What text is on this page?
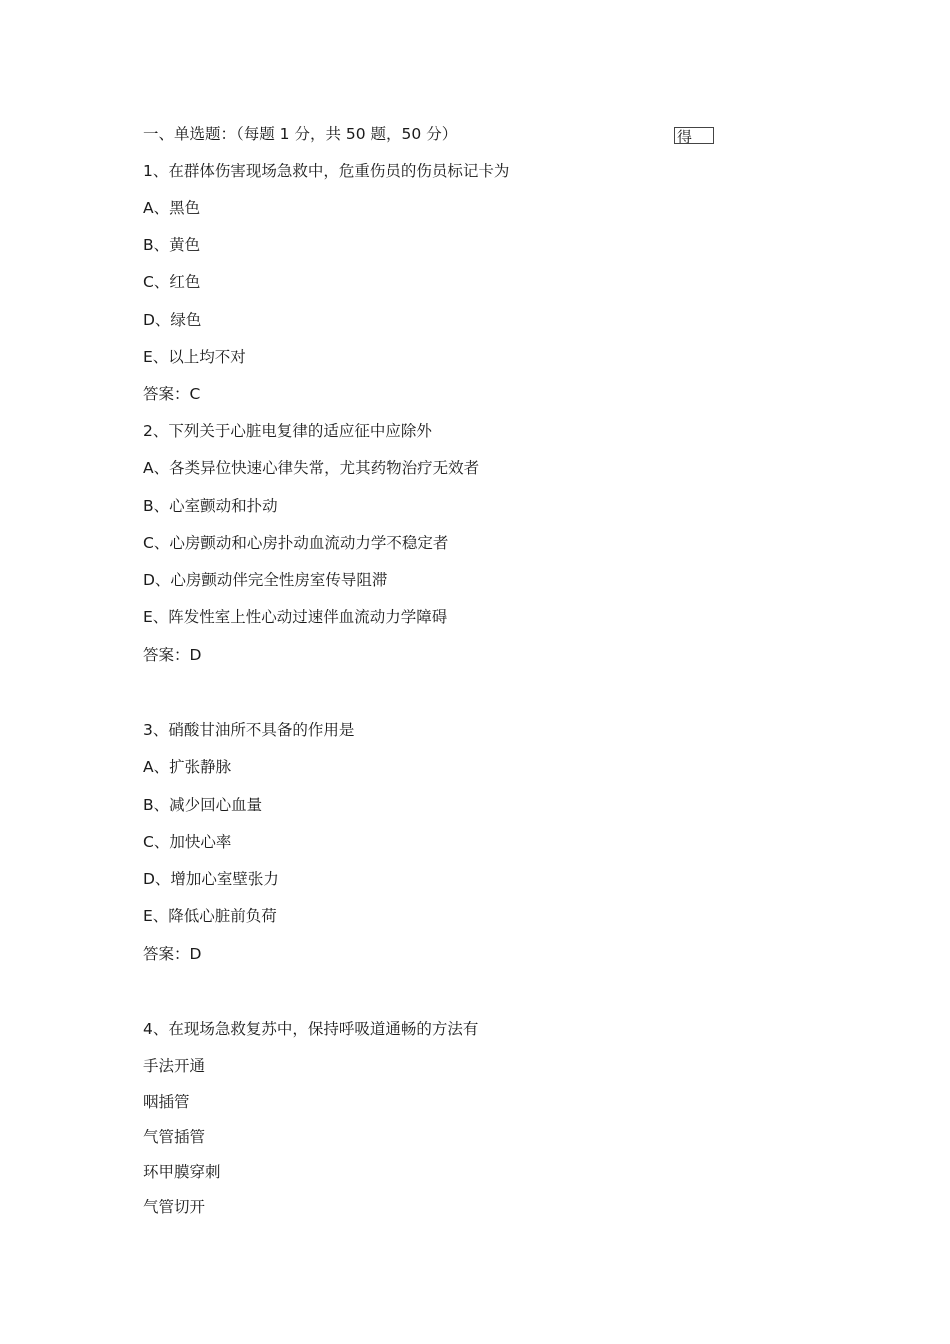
一、单选题：（每题 1 分，共 50 题，50 分）	得
1、在群体伤害现场急救中，危重伤员的伤员标记卡为
A、黑色
B、黄色
C、红色
D、绿色
E、以上均不对
答案：C
2、下列关于心脏电复律的适应征中应除外
A、各类异位快速心律失常，尤其药物治疗无效者
B、心室颤动和扑动
C、心房颤动和心房扑动血流动力学不稳定者
D、心房颤动伴完全性房室传导阻滞
E、阵发性室上性心动过速伴血流动力学障碍
答案：D
3、硝酸甘油所不具备的作用是
A、扩张静脉
B、减少回心血量
C、加快心率
D、增加心室壁张力
E、降低心脏前负荷
答案：D
4、在现场急救复苏中，保持呼吸道通畅的方法有
手法开通
咽插管
气管插管
环甲膜穿刺
气管切开
